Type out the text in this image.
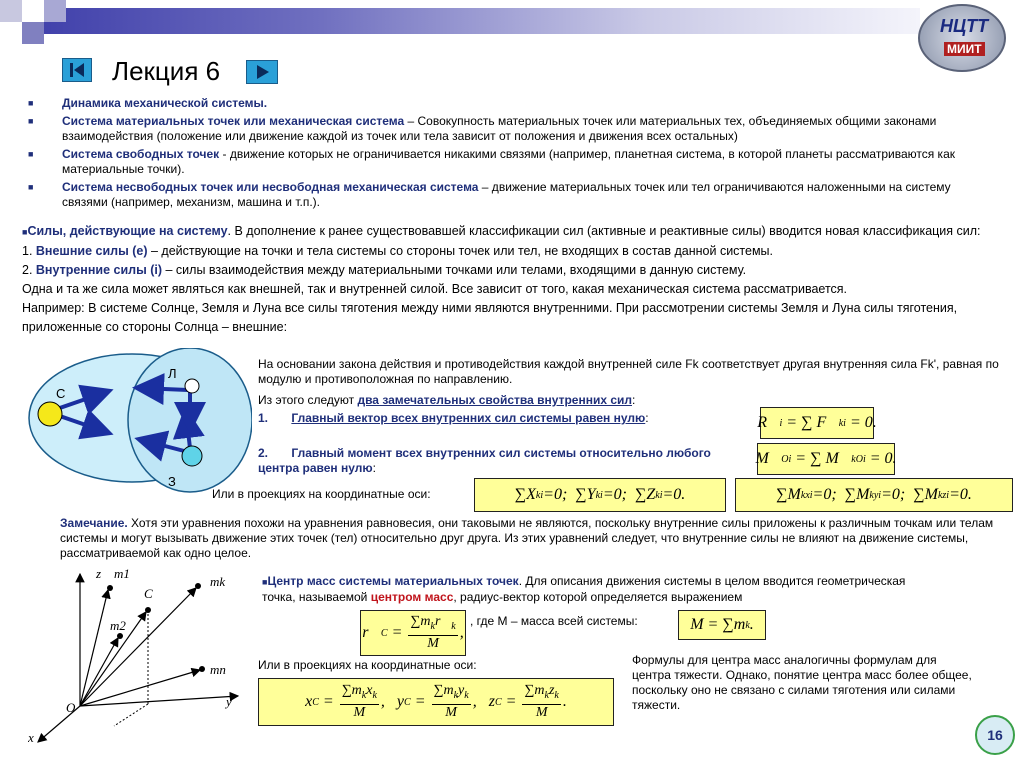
НЦТТ
МИИТ
Лекция 6
■	Динамика механической системы.
■	Система материальных точек или механическая система – Совокупность материальных точек или материальных тех, объединяемых общими законами взаимодействия (положение или движение каждой из точек или тела зависит от положения и движения всех остальных)
■	Система свободных точек - движение которых не ограничивается никакими связями (например, планетная система, в которой планеты рассматриваются как материальные точки).
■	Система несвободных точек или несвободная механическая система – движение материальных точек или тел ограничиваются наложенными на систему связями (например, механизм, машина и т.п.).
■Силы, действующие на систему. В дополнение к ранее существовавшей классификации сил (активные и реактивные силы) вводится новая классификация сил:
1. Внешние силы (e) – действующие на точки и тела системы со стороны точек или тел, не входящих в состав данной системы.
2. Внутренние силы (i) – силы взаимодействия между материальными точками или телами, входящими в данную систему.
Одна и та же сила может являться как внешней, так и внутренней силой. Все зависит от того, какая механическая система рассматривается.
Например: В системе Солнце, Земля и Луна все силы тяготения между ними являются внутренними. При рассмотрении системы Земля и Луна силы тяготения, приложенные со стороны Солнца – внешние:
С
Л
З
На основании закона действия и противодействия каждой внутренней силе Fk соответствует другая внутренняя сила Fk', равная по модулю и противоположная по направлению.
Из этого следуют два замечательных свойства внутренних сил:
1. Главный вектор всех внутренних сил системы равен нулю:
2. Главный момент всех внутренних сил системы относительно любого центра равен нулю:
Или в проекциях на координатные оси:
R⃗ i = ∑ F⃗ k i = 0.
M⃗ O i = ∑ M⃗ kO i = 0.
∑X k i =0;  ∑Y k i =0;  ∑Z k i =0.	∑M kx i =0;  ∑M ky i =0;  ∑M kz i =0.
Замечание. Хотя эти уравнения похожи на уравнения равновесия, они таковыми не являются, поскольку внутренние силы приложены к различным точкам или телам системы и могут вызывать движение этих точек (тел) относительно друг друга. Из этих уравнений следует, что внутренние силы не влияют на движение системы, рассматриваемой как одно целое.
z
x
y
O
C
m1
m2
mk
mn
■Центр масс системы материальных точек. Для описания движения системы в целом вводится геометрическая точка, называемой центром масс, радиус-вектор которой определяется выражением
r⃗ C =
$\sum m_kr⃗_k$
M
,
, где М – масса всей системы:	M = ∑m k .
Или в проекциях на координатные оси:
x C =
$\sum m_kx_k$
M
,   y C =
$\sum m_ky_k$
M
,   z C =
$\sum m_kz_k$
M
.
Формулы для центра масс аналогичны формулам для центра тяжести. Однако, понятие центра масс более общее, поскольку оно не связано с силами тяготения или силами тяжести.
16
